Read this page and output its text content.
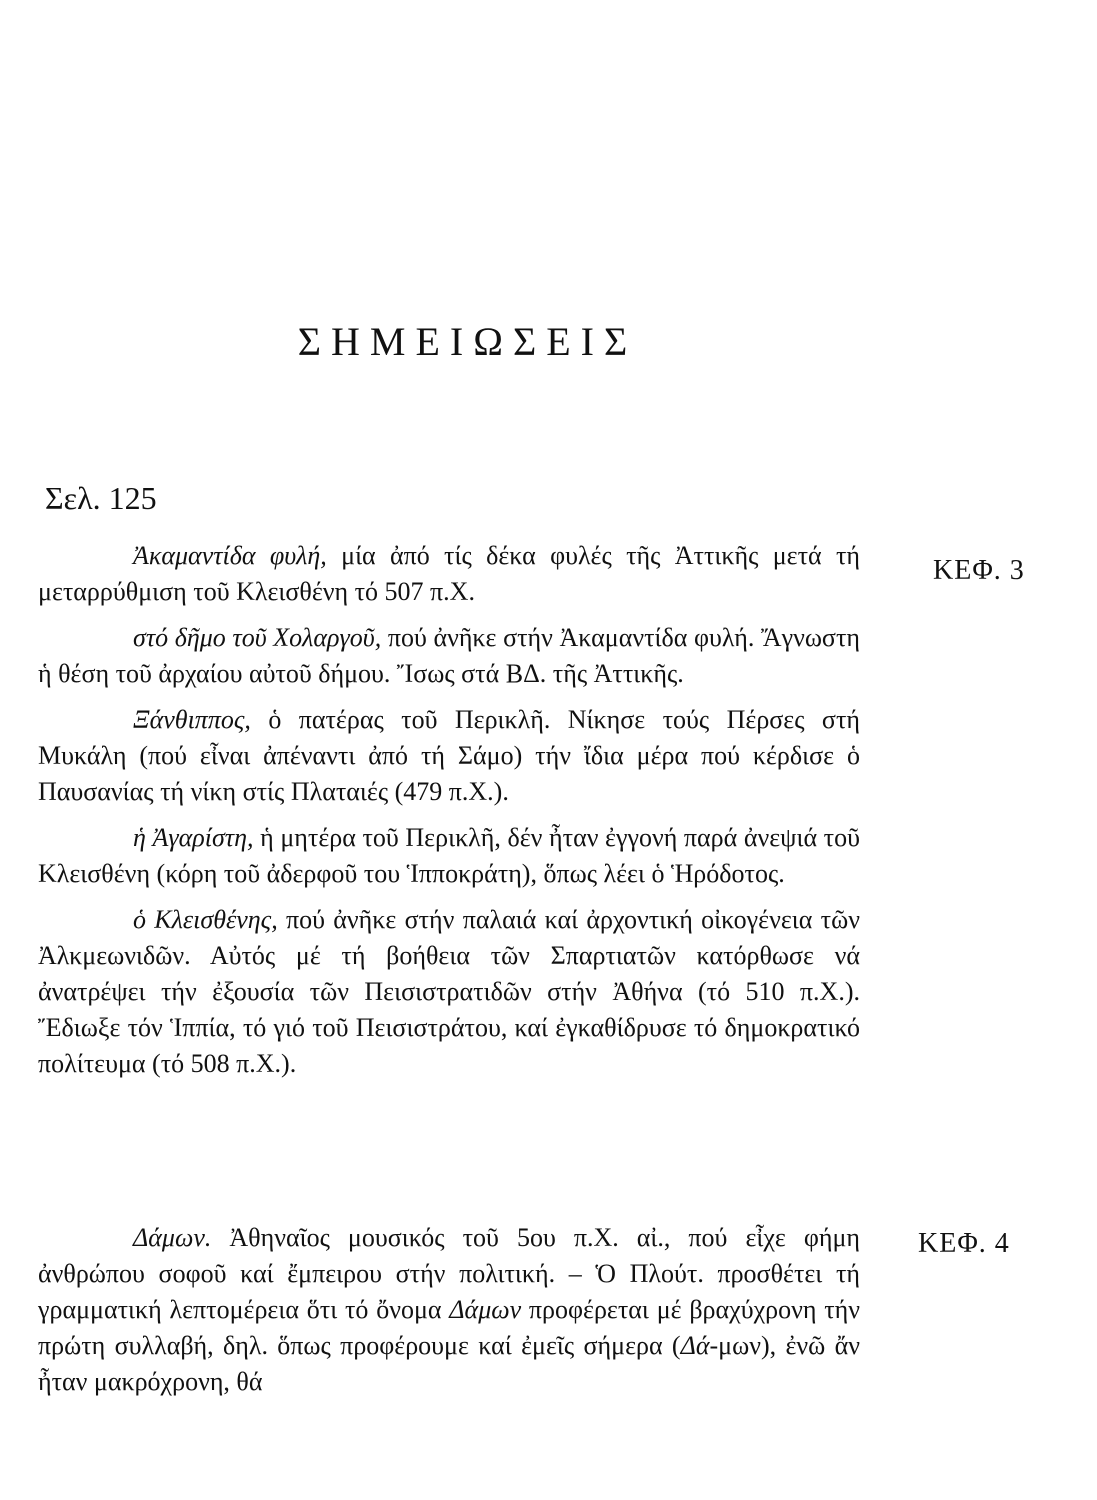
ΣΗΜΕΙΩΣΕΙΣ
Σελ. 125
ΚΕΦ. 3

Ἀκαμαντίδα φυλή, μία ἀπό τίς δέκα φυλές τῆς Ἀττικῆς μετά τή μεταρρύθμιση τοῦ Κλεισθένη τό 507 π.Χ.

στό δῆμο τοῦ Χολαργοῦ, πού ἀνῆκε στήν Ἀκαμαντίδα φυλή. Ἄγνωστη ἡ θέση τοῦ ἀρχαίου αὐτοῦ δήμου. Ἴσως στά ΒΔ. τῆς Ἀττικῆς.

Ξάνθιππος, ὁ πατέρας τοῦ Περικλῆ. Νίκησε τούς Πέρσες στή Μυκάλη (πού εἶναι ἀπέναντι ἀπό τή Σάμο) τήν ἴδια μέρα πού κέρδισε ὁ Παυσανίας τή νίκη στίς Πλαταιές (479 π.Χ.).

ἡ Ἀγαρίστη, ἡ μητέρα τοῦ Περικλῆ, δέν ἦταν ἐγγονή παρά ἀνεψιά τοῦ Κλεισθένη (κόρη τοῦ ἀδερφοῦ του Ἱπποκράτη), ὅπως λέει ὁ Ἡρόδοτος.

ὁ Κλεισθένης, πού ἀνῆκε στήν παλαιά καί ἀρχοντική οἰκογένεια τῶν Ἀλκμεωνιδῶν. Αὐτός μέ τή βοήθεια τῶν Σπαρτιατῶν κατόρθωσε νά ἀνατρέψει τήν ἐξουσία τῶν Πεισιστρατιδῶν στήν Ἀθήνα (τό 510 π.Χ.). Ἔδιωξε τόν Ἱππία, τό γιό τοῦ Πεισιστράτου, καί ἐγκαθίδρυσε τό δημοκρατικό πολίτευμα (τό 508 π.Χ.).

ΚΕΦ. 4

Δάμων. Ἀθηναῖος μουσικός τοῦ 5ου π.Χ. αἰ., πού εἶχε φήμη ἀνθρώπου σοφοῦ καί ἔμπειρου στήν πολιτική. – Ὁ Πλούτ. προσθέτει τή γραμματική λεπτομέρεια ὅτι τό ὄνομα Δάμων προφέρεται μέ βραχύχρονη τήν πρώτη συλλαβή, δηλ. ὅπως προφέρουμε καί ἐμεῖς σήμερα (Δά-μων), ἐνῶ ἄν ἦταν μακρόχρονη, θά
